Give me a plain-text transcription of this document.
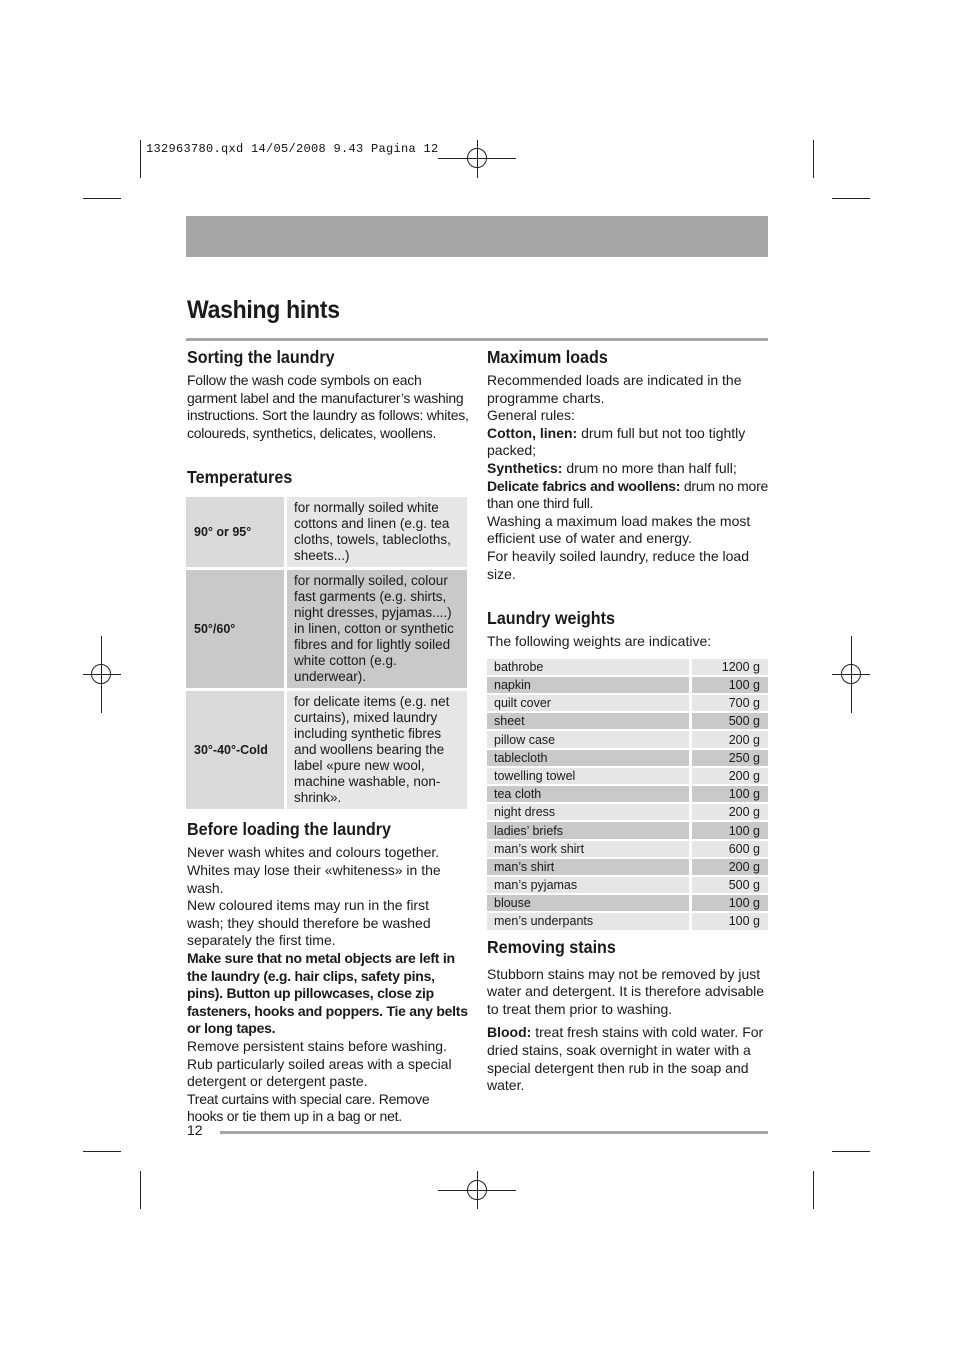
132963780.qxd 14/05/2008 9.43 Pagina 12
Washing hints
Sorting the laundry

Follow the wash code symbols on each garment label and the manufacturer’s washing instructions. Sort the laundry as follows: whites, coloureds, synthetics, delicates, woollens.

Temperatures
90° or 95°	for normally soiled white cottons and linen (e.g. tea cloths, towels, tablecloths, sheets...)
50°/60°	for normally soiled, colour fast garments (e.g. shirts, night dresses, pyjamas....) in linen, cotton or synthetic fibres and for lightly soiled white cotton (e.g. underwear).
30°-40°-Cold	for delicate items (e.g. net curtains), mixed laundry including synthetic fibres and woollens bearing the label «pure new wool, machine washable, non-shrink».
Before loading the laundry

Never wash whites and colours together. Whites may lose their «whiteness» in the wash.

New coloured items may run in the first wash; they should therefore be washed separately the first time.

Make sure that no metal objects are left in the laundry (e.g. hair clips, safety pins, pins). Button up pillowcases, close zip fasteners, hooks and poppers. Tie any belts or long tapes.

Remove persistent stains before washing.

Rub particularly soiled areas with a special detergent or detergent paste.

Treat curtains with special care. Remove hooks or tie them up in a bag or net.

Maximum loads

Recommended loads are indicated in the programme charts.

General rules:

Cotton, linen: drum full but not too tightly packed;

Synthetics: drum no more than half full;

Delicate fabrics and woollens: drum no more than one third full.

Washing a maximum load makes the most efficient use of water and energy.

For heavily soiled laundry, reduce the load size.

Laundry weights

The following weights are indicative:

bathrobe	1200 g
napkin	100 g
quilt cover	700 g
sheet	500 g
pillow case	200 g
tablecloth	250 g
towelling towel	200 g
tea cloth	100 g
night dress	200 g
ladies’ briefs	100 g
man’s work shirt	600 g
man’s shirt	200 g
man’s pyjamas	500 g
blouse	100 g
men’s underpants	100 g
Removing stains

Stubborn stains may not be removed by just water and detergent. It is therefore advisable to treat them prior to washing.

Blood: treat fresh stains with cold water. For dried stains, soak overnight in water with a special detergent then rub in the soap and water.

12
